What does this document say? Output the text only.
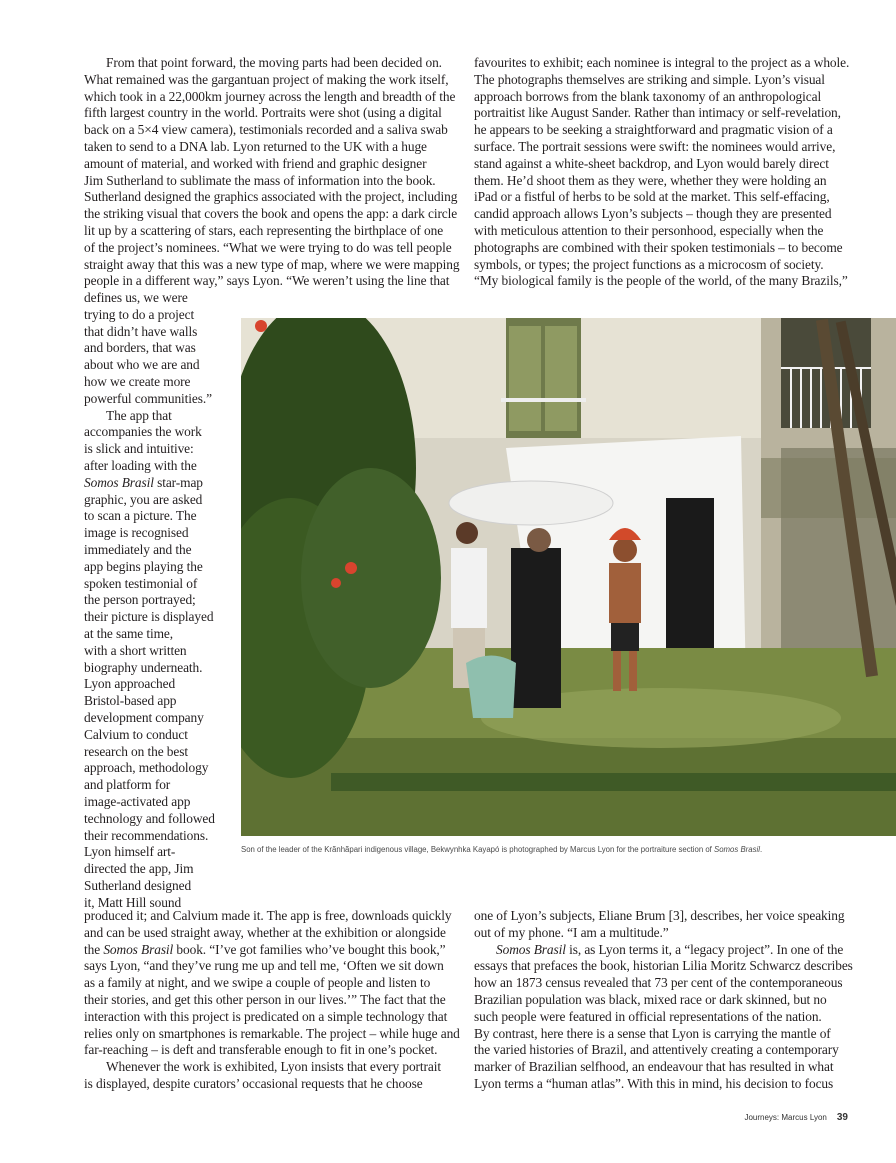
From that point forward, the moving parts had been decided on.
What remained was the gargantuan project of making the work itself,
which took in a 22,000km journey across the length and breadth of the
fifth largest country in the world. Portraits were shot (using a digital
back on a 5×4 view camera), testimonials recorded and a saliva swab
taken to send to a DNA lab. Lyon returned to the UK with a huge
amount of material, and worked with friend and graphic designer
Jim Sutherland to sublimate the mass of information into the book.
Sutherland designed the graphics associated with the project, including
the striking visual that covers the book and opens the app: a dark circle
lit up by a scattering of stars, each representing the birthplace of one
of the project’s nominees. “What we were trying to do was tell people
straight away that this was a new type of map, where we were mapping
people in a different way,” says Lyon. “We weren’t using the line that
defines us, we were
trying to do a project
that didn’t have walls
and borders, that was
about who we are and
how we create more
powerful communities.”
The app that
accompanies the work
is slick and intuitive:
after loading with the
Somos Brasil star-map
graphic, you are asked
to scan a picture. The
image is recognised
immediately and the
app begins playing the
spoken testimonial of
the person portrayed;
their picture is displayed
at the same time,
with a short written
biography underneath.
Lyon approached
Bristol-based app
development company
Calvium to conduct
research on the best
approach, methodology
and platform for
image-activated app
technology and followed
their recommendations.
Lyon himself art-
directed the app, Jim
Sutherland designed
it, Matt Hill sound
produced it; and Calvium made it. The app is free, downloads quickly
and can be used straight away, whether at the exhibition or alongside
the Somos Brasil book. “I’ve got families who’ve bought this book,”
says Lyon, “and they’ve rung me up and tell me, ‘Often we sit down
as a family at night, and we swipe a couple of people and listen to
their stories, and get this other person in our lives.’” The fact that the
interaction with this project is predicated on a simple technology that
relies only on smartphones is remarkable. The project – while huge and
far-reaching – is deft and transferable enough to fit in one’s pocket.
Whenever the work is exhibited, Lyon insists that every portrait
is displayed, despite curators’ occasional requests that he choose
favourites to exhibit; each nominee is integral to the project as a whole.
The photographs themselves are striking and simple. Lyon’s visual
approach borrows from the blank taxonomy of an anthropological
portraitist like August Sander. Rather than intimacy or self-revelation,
he appears to be seeking a straightforward and pragmatic vision of a
surface. The portrait sessions were swift: the nominees would arrive,
stand against a white-sheet backdrop, and Lyon would barely direct
them. He’d shoot them as they were, whether they were holding an
iPad or a fistful of herbs to be sold at the market. This self-effacing,
candid approach allows Lyon’s subjects – though they are presented
with meticulous attention to their personhood, especially when the
photographs are combined with their spoken testimonials – to become
symbols, or types; the project functions as a microcosm of society.
“My biological family is the people of the world, of the many Brazils,”
one of Lyon’s subjects, Eliane Brum [3], describes, her voice speaking
out of my phone. “I am a multitude.”
Somos Brasil is, as Lyon terms it, a “legacy project”. In one of the
essays that prefaces the book, historian Lilia Moritz Schwarcz describes
how an 1873 census revealed that 73 per cent of the contemporaneous
Brazilian population was black, mixed race or dark skinned, but no
such people were featured in official representations of the nation.
By contrast, here there is a sense that Lyon is carrying the mantle of
the varied histories of Brazil, and attentively creating a contemporary
marker of Brazilian selfhood, an endeavour that has resulted in what
Lyon terms a “human atlas”. With this in mind, his decision to focus
Son of the leader of the Krãnhãpari indigenous village, Bekwynhka Kayapó is photographed by Marcus Lyon for the portraiture section of Somos Brasil.
Journeys: Marcus Lyon 39
